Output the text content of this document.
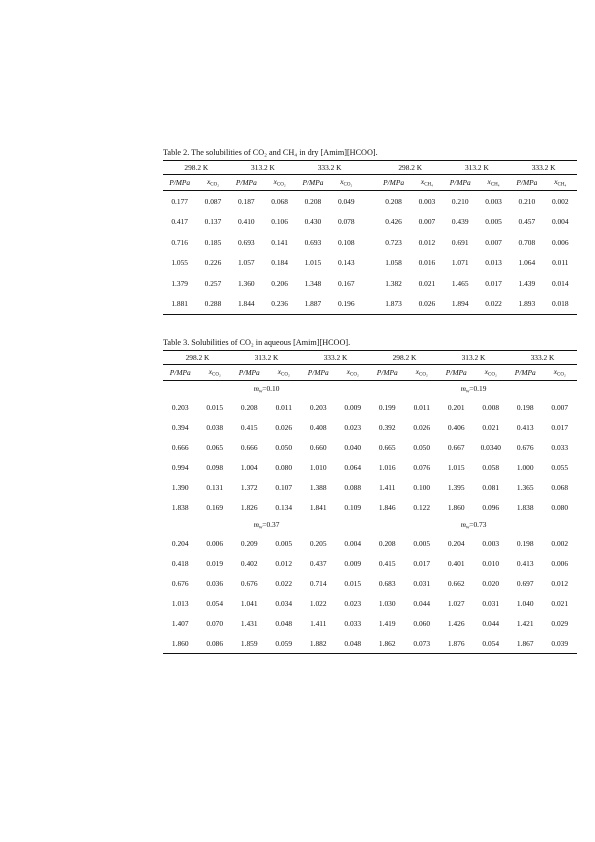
Table 2. The solubilities of CO₂ and CH₄ in dry [Amim][HCOO].
298.2 K		313.2 K		333.2 K			298.2 K		313.2 K		333.2 K	
P/MPa	$x_{CO_2}$	P/MPa	$x_{CO_2}$	P/MPa	$x_{CO_2}$		P/MPa	$x_{CH_4}$	P/MPa	$x_{CH_4}$	P/MPa	$x_{CH_4}$
0.177	0.087	0.187	0.068	0.208	0.049		0.208	0.003	0.210	0.003	0.210	0.002
0.417	0.137	0.410	0.106	0.430	0.078		0.426	0.007	0.439	0.005	0.457	0.004
0.716	0.185	0.693	0.141	0.693	0.108		0.723	0.012	0.691	0.007	0.708	0.006
1.055	0.226	1.057	0.184	1.015	0.143		1.058	0.016	1.071	0.013	1.064	0.011
1.379	0.257	1.360	0.206	1.348	0.167		1.382	0.021	1.465	0.017	1.439	0.014
1.881	0.288	1.844	0.236	1.887	0.196		1.873	0.026	1.894	0.022	1.893	0.018
Table 3. Solubilities of CO₂ in aqueous [Amim][HCOO].
298.2 K		313.2 K		333.2 K		298.2 K		313.2 K		333.2 K	
P/MPa	$x_{CO_2}$	P/MPa	$x_{CO_2}$	P/MPa	$x_{CO_2}$	P/MPa	$x_{CO_2}$	P/MPa	$x_{CO_2}$	P/MPa	$x_{CO_2}$
$m_w=0.10$						$m_w=0.19$					
0.203	0.015	0.208	0.011	0.203	0.009	0.199	0.011	0.201	0.008	0.198	0.007
0.394	0.038	0.415	0.026	0.408	0.023	0.392	0.026	0.406	0.021	0.413	0.017
0.666	0.065	0.666	0.050	0.660	0.040	0.665	0.050	0.667	0.0340	0.676	0.033
0.994	0.098	1.004	0.080	1.010	0.064	1.016	0.076	1.015	0.058	1.000	0.055
1.390	0.131	1.372	0.107	1.388	0.088	1.411	0.100	1.395	0.081	1.365	0.068
1.838	0.169	1.826	0.134	1.841	0.109	1.846	0.122	1.860	0.096	1.838	0.080
$m_w=0.37$						$m_w=0.73$					
0.204	0.006	0.209	0.005	0.205	0.004	0.208	0.005	0.204	0.003	0.198	0.002
0.418	0.019	0.402	0.012	0.437	0.009	0.415	0.017	0.401	0.010	0.413	0.006
0.676	0.036	0.676	0.022	0.714	0.015	0.683	0.031	0.662	0.020	0.697	0.012
1.013	0.054	1.041	0.034	1.022	0.023	1.030	0.044	1.027	0.031	1.040	0.021
1.407	0.070	1.431	0.048	1.411	0.033	1.419	0.060	1.426	0.044	1.421	0.029
1.860	0.086	1.859	0.059	1.882	0.048	1.862	0.073	1.876	0.054	1.867	0.039
